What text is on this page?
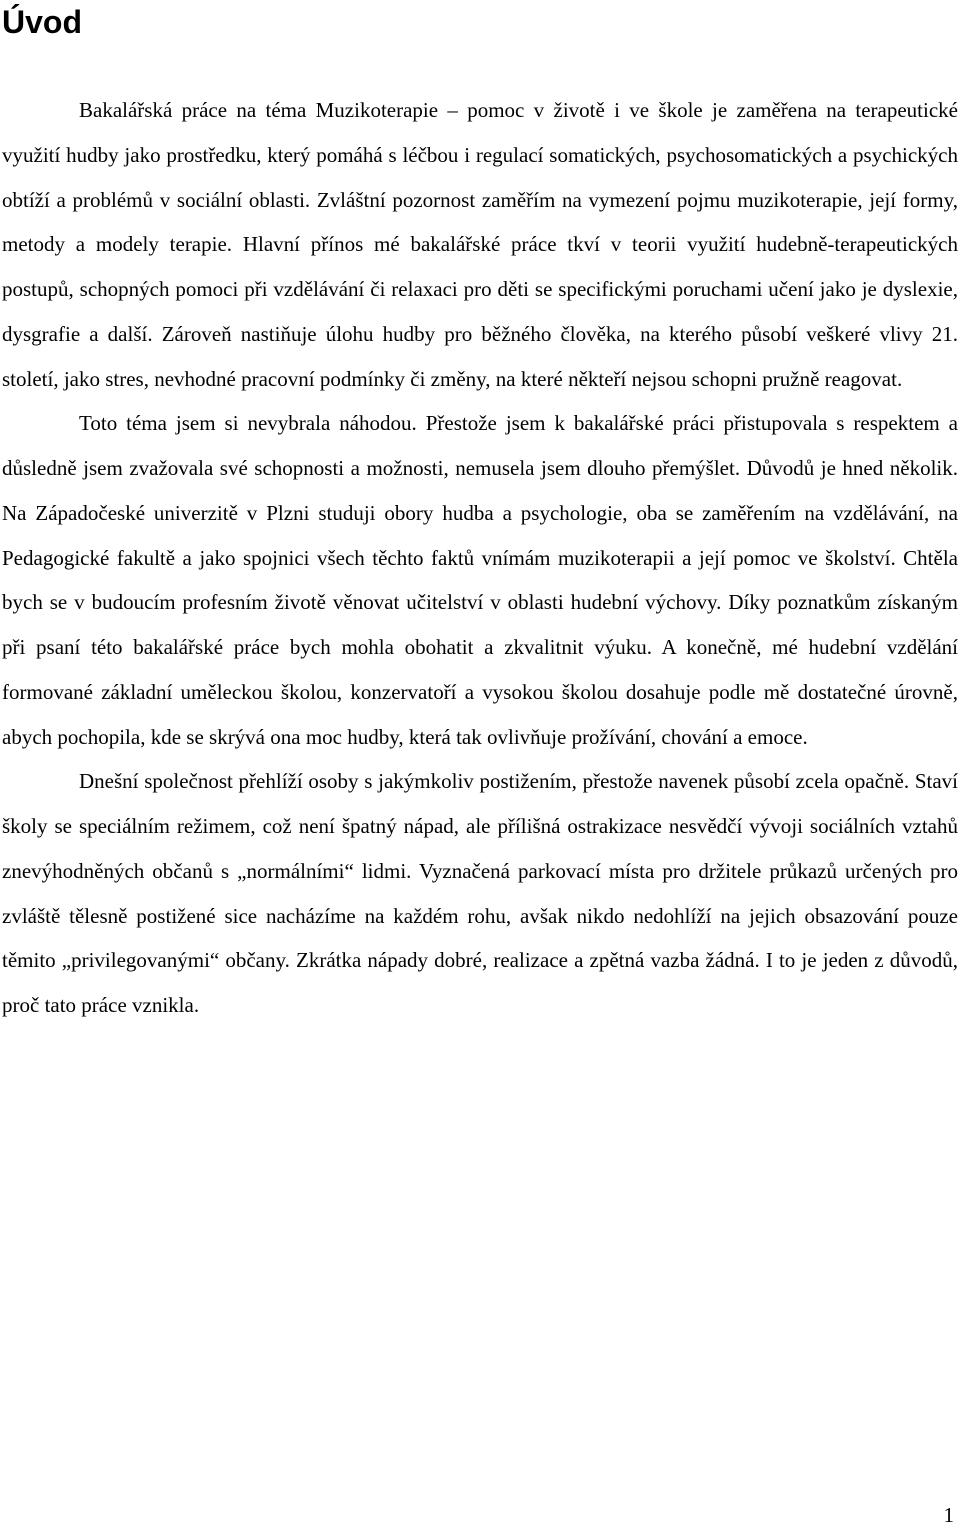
Úvod

Bakalářská práce na téma Muzikoterapie – pomoc v životě i ve škole je zaměřena na terapeutické využití hudby jako prostředku, který pomáhá s léčbou i regulací somatických, psychosomatických a psychických obtíží a problémů v sociální oblasti. Zvláštní pozornost zaměřím na vymezení pojmu muzikoterapie, její formy, metody a modely terapie. Hlavní přínos mé bakalářské práce tkví v teorii využití hudebně-terapeutických postupů, schopných pomoci při vzdělávání či relaxaci pro děti se specifickými poruchami učení jako je dyslexie, dysgrafie a další. Zároveň nastiňuje úlohu hudby pro běžného člověka, na kterého působí veškeré vlivy 21. století, jako stres, nevhodné pracovní podmínky či změny, na které někteří nejsou schopni pružně reagovat.

Toto téma jsem si nevybrala náhodou. Přestože jsem k bakalářské práci přistupovala s respektem a důsledně jsem zvažovala své schopnosti a možnosti, nemusela jsem dlouho přemýšlet. Důvodů je hned několik. Na Západočeské univerzitě v Plzni studuji obory hudba a psychologie, oba se zaměřením na vzdělávání, na Pedagogické fakultě a jako spojnici všech těchto faktů vnímám muzikoterapii a její pomoc ve školství. Chtěla bych se v budoucím profesním životě věnovat učitelství v oblasti hudební výchovy. Díky poznatkům získaným při psaní této bakalářské práce bych mohla obohatit a zkvalitnit výuku. A konečně, mé hudební vzdělání formované základní uměleckou školou, konzervatoří a vysokou školou dosahuje podle mě dostatečné úrovně, abych pochopila, kde se skrývá ona moc hudby, která tak ovlivňuje prožívání, chování a emoce.

Dnešní společnost přehlíží osoby s jakýmkoliv postižením, přestože navenek působí zcela opačně. Staví školy se speciálním režimem, což není špatný nápad, ale přílišná ostrakizace nesvědčí vývoji sociálních vztahů znevýhodněných občanů s „normálními“ lidmi. Vyznačená parkovací místa pro držitele průkazů určených pro zvláště tělesně postižené sice nacházíme na každém rohu, avšak nikdo nedohlíží na jejich obsazování pouze těmito „privilegovanými“ občany. Zkrátka nápady dobré, realizace a zpětná vazba žádná. I to je jeden z důvodů, proč tato práce vznikla.

1
